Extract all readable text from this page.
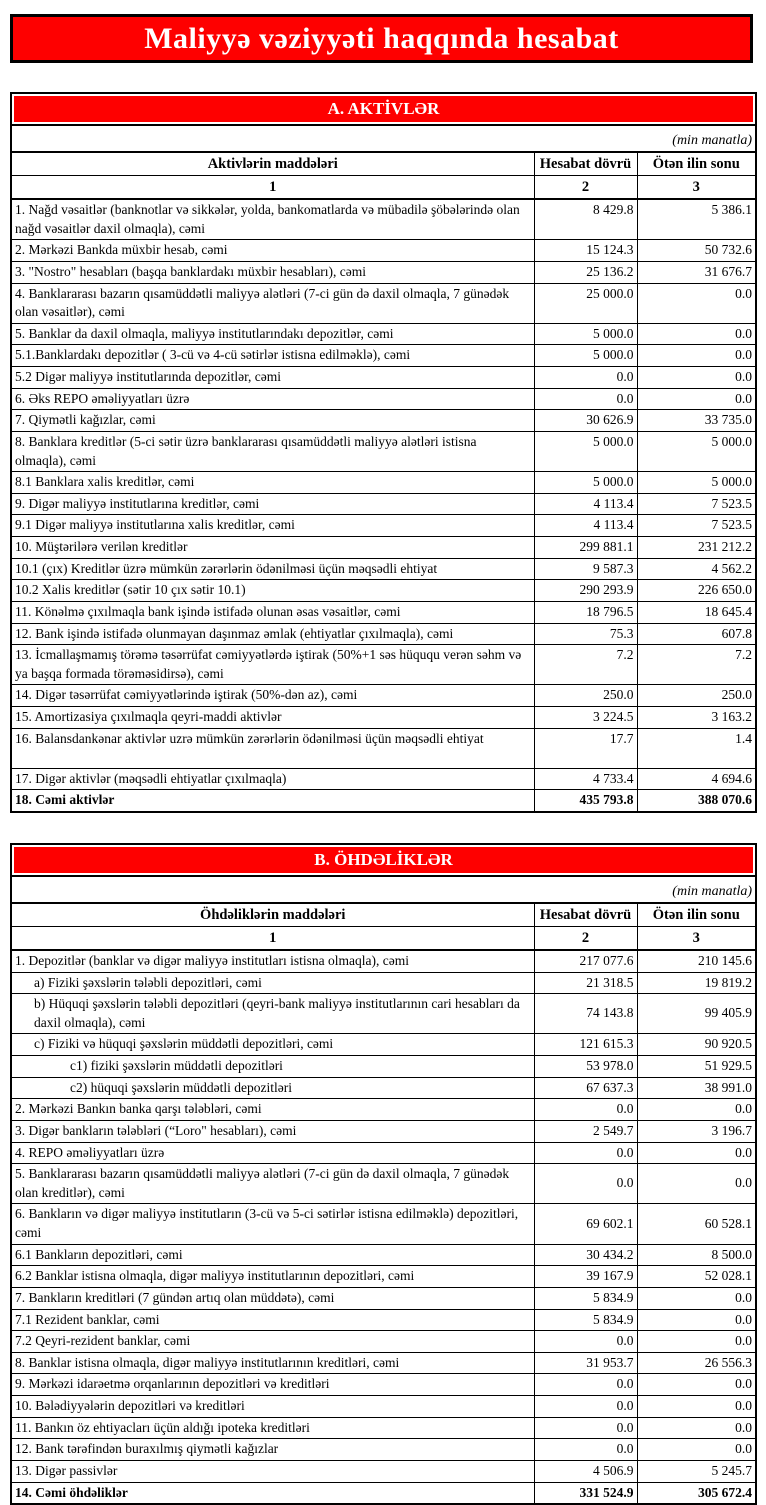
Maliyyə vəziyyəti haqqında hesabat
A. AKTİVLƏR		

(min manatla)		
Aktivlərin maddələri	Hesabat dövrü	Ötən ilin sonu
1	2	3
1. Nağd vəsaitlər (banknotlar və sikkələr, yolda, bankomatlarda və mübadilə şöbələrində olan nağd vəsaitlər daxil olmaqla), cəmi	8 429.8	5 386.1
2. Mərkəzi Bankda müxbir hesab, cəmi	15 124.3	50 732.6
3. "Nostro" hesabları (başqa banklardakı müxbir hesabları), cəmi	25 136.2	31 676.7
4. Banklararası bazarın qısamüddətli maliyyə alətləri (7-ci gün də daxil olmaqla, 7 günədək olan vəsaitlər), cəmi	25 000.0	0.0
5. Banklar da daxil olmaqla, maliyyə institutlarındakı depozitlər, cəmi	5 000.0	0.0
5.1.Banklardakı depozitlər ( 3-cü və 4-cü sətirlər istisna edilməklə), cəmi	5 000.0	0.0
5.2 Digər maliyyə institutlarında depozitlər, cəmi	0.0	0.0
6. Əks REPO əməliyyatları üzrə	0.0	0.0
7. Qiymətli kağızlar, cəmi	30 626.9	33 735.0
8. Banklara kreditlər (5-ci sətir üzrə banklararası qısamüddətli maliyyə alətləri istisna olmaqla), cəmi	5 000.0	5 000.0
8.1 Banklara xalis kreditlər, cəmi	5 000.0	5 000.0
9. Digər maliyyə institutlarına kreditlər, cəmi	4 113.4	7 523.5
9.1 Digər maliyyə institutlarına xalis kreditlər, cəmi	4 113.4	7 523.5
10. Müştərilərə verilən kreditlər	299 881.1	231 212.2
10.1 (çıx) Kreditlər üzrə mümkün zərərlərin ödənilməsi üçün məqsədli ehtiyat	9 587.3	4 562.2
10.2 Xalis kreditlər (sətir 10 çıx sətir 10.1)	290 293.9	226 650.0
11. Könəlmə çıxılmaqla bank işində istifadə olunan əsas vəsaitlər, cəmi	18 796.5	18 645.4
12. Bank işində istifadə olunmayan daşınmaz əmlak (ehtiyatlar çıxılmaqla), cəmi	75.3	607.8
13. İcmallaşmamış törəmə təsərrüfat cəmiyyətlərdə iştirak (50%+1 səs hüququ verən səhm və ya başqa formada törəməsidirsə), cəmi	7.2	7.2
14. Digər təsərrüfat cəmiyyətlərində iştirak (50%-dən az), cəmi	250.0	250.0
15. Amortizasiya çıxılmaqla qeyri-maddi aktivlər	3 224.5	3 163.2
16. Balansdankənar aktivlər uzrə mümkün zərərlərin ödənilməsi üçün məqsədli ehtiyat	17.7	1.4
17. Digər aktivlər (məqsədli ehtiyatlar çıxılmaqla)	4 733.4	4 694.6
18. Cəmi aktivlər	435 793.8	388 070.6
B. ÖHDƏLİKLƏR		

(min manatla)		
Öhdəliklərin maddələri	Hesabat dövrü	Ötən ilin sonu
1	2	3
1. Depozitlər (banklar və digər maliyyə institutları istisna olmaqla), cəmi	217 077.6	210 145.6
a) Fiziki şəxslərin tələbli depozitləri, cəmi	21 318.5	19 819.2
b) Hüquqi şəxslərin tələbli depozitləri (qeyri-bank maliyyə institutlarının cari hesabları da daxil olmaqla), cəmi	74 143.8	99 405.9
c) Fiziki və hüquqi şəxslərin müddətli depozitləri, cəmi	121 615.3	90 920.5
c1) fiziki şəxslərin müddətli depozitləri	53 978.0	51 929.5
c2) hüquqi şəxslərin müddətli depozitləri	67 637.3	38 991.0
2. Mərkəzi Bankın banka qarşı tələbləri, cəmi	0.0	0.0
3. Digər bankların tələbləri (“Loro" hesabları), cəmi	2 549.7	3 196.7
4. REPO əməliyyatları üzrə	0.0	0.0
5. Banklararası bazarın qısamüddətli maliyyə alətləri (7-ci gün də daxil olmaqla, 7 günədək olan kreditlər), cəmi	0.0	0.0
6. Bankların və digər maliyyə institutların (3-cü və 5-ci sətirlər istisna edilməklə) depozitləri, cəmi	69 602.1	60 528.1
6.1 Bankların depozitləri, cəmi	30 434.2	8 500.0
6.2 Banklar istisna olmaqla, digər maliyyə institutlarının depozitləri, cəmi	39 167.9	52 028.1
7. Bankların kreditləri (7 gündən artıq olan müddətə), cəmi	5 834.9	0.0
7.1 Rezident banklar, cəmi	5 834.9	0.0
7.2 Qeyri-rezident banklar, cəmi	0.0	0.0
8. Banklar istisna olmaqla, digər maliyyə institutlarının kreditləri, cəmi	31 953.7	26 556.3
9. Mərkəzi idarəetmə orqanlarının depozitləri və kreditləri	0.0	0.0
10. Bələdiyyələrin depozitləri və kreditləri	0.0	0.0
11. Bankın öz ehtiyacları üçün aldığı ipoteka kreditləri	0.0	0.0
12. Bank tərəfindən buraxılmış qiymətli kağızlar	0.0	0.0
13. Digər passivlər	4 506.9	5 245.7
14. Cəmi öhdəliklər	331 524.9	305 672.4
